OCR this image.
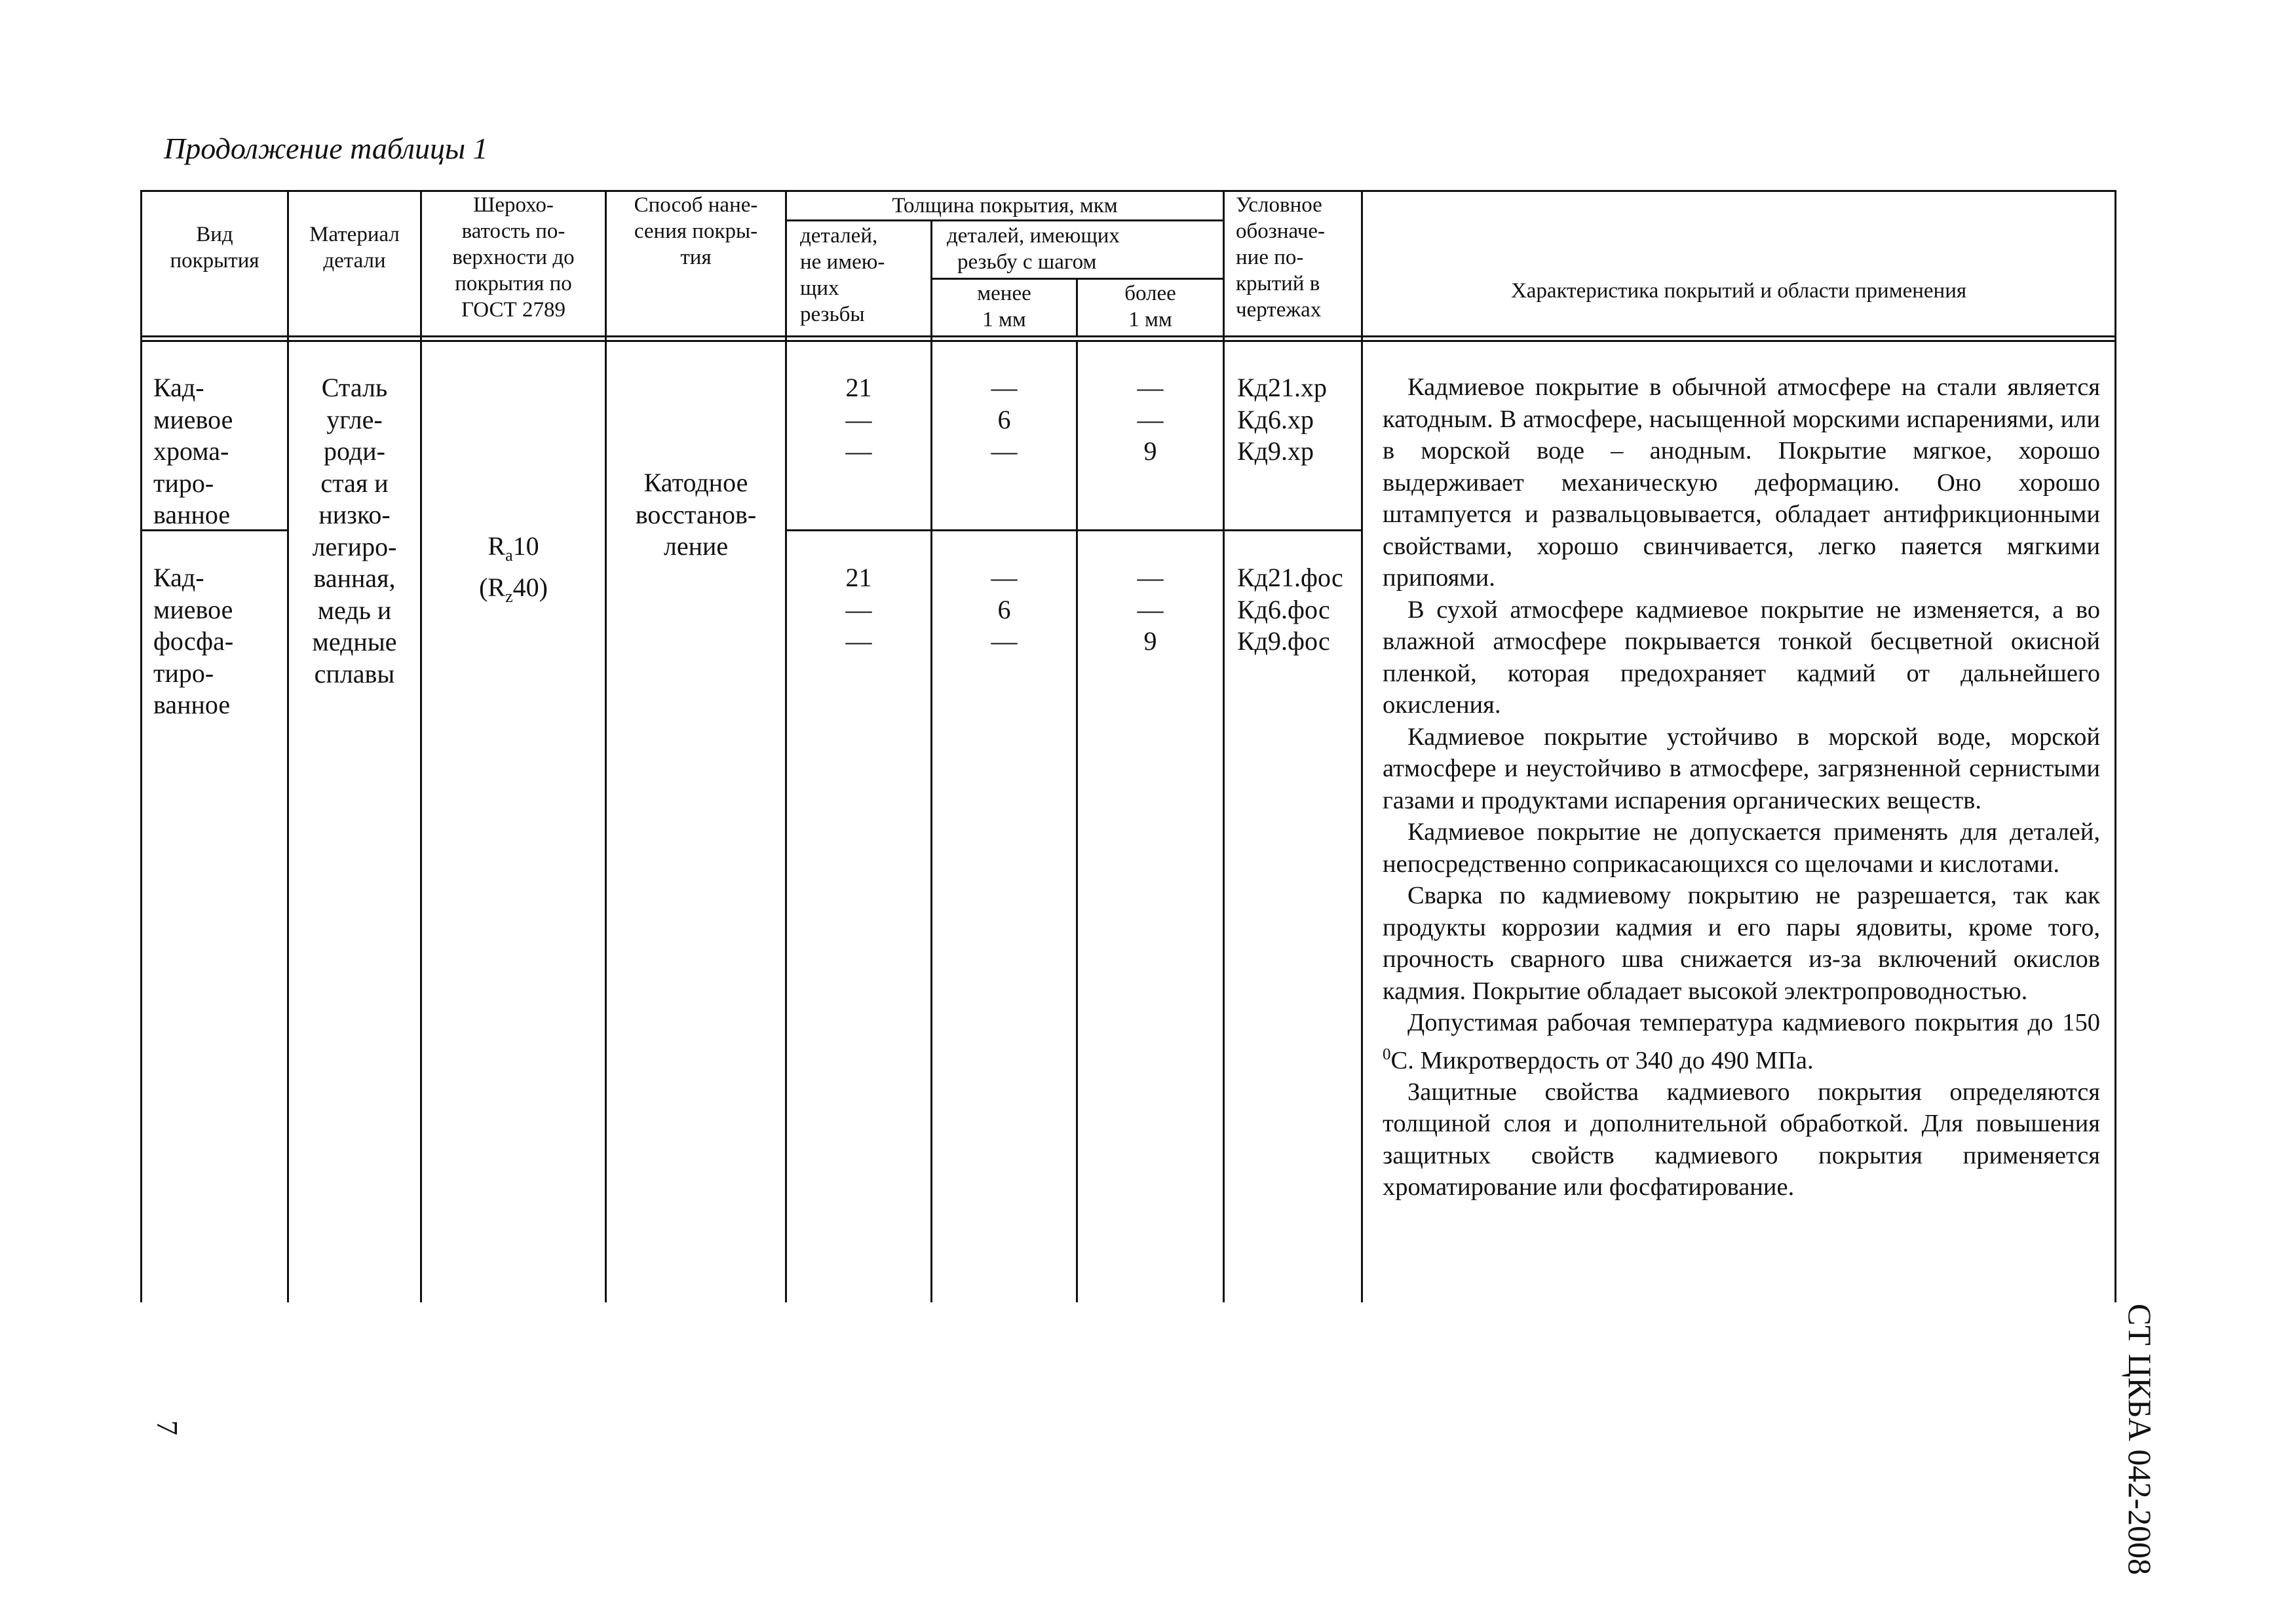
Продолжение таблицы 1
Вид
покрытия
Материал
детали
Шерохо-
ватость по-
верхности до
покрытия по
ГОСТ 2789
Способ нане-
сения покры-
тия
Толщина покрытия, мкм
деталей,
не имею-
щих
резьбы
деталей, имеющих
резьбу с шагом
менее
1 мм
более
1 мм
Условное
обозначе-
ние по-
крытий в
чертежах
Характеристика покрытий и области применения
Кад-
миевое
хрома-
тиро-
ванное
21
—
—
—
6
—
—
—
9
Кд21.хр
Кд6.хр
Кд9.хр
Кад-
миевое
фосфа-
тиро-
ванное
21
—
—
—
6
—
—
—
9
Кд21.фос
Кд6.фос
Кд9.фос
Сталь
угле-
роди-
стая и
низко-
легиро-
ванная,
медь и
медные
сплавы
$R_a10$
$(R_z40)$
Катодное
восстанов-
ление

Кадмиевое покрытие в обычной атмосфере на стали является катодным. В атмосфере, насыщенной морскими испарениями, или в морской воде – анодным. Покрытие мягкое, хорошо выдерживает механическую деформацию. Оно хорошо штампуется и развальцовывается, обладает антифрикционными свойствами, хорошо свинчивается, легко паяется мягкими припоями.

В сухой атмосфере кадмиевое покрытие не изменяется, а во влажной атмосфере покрывается тонкой бесцветной окисной пленкой, которая предохраняет кадмий от дальнейшего окисления.

Кадмиевое покрытие устойчиво в морской воде, морской атмосфере и неустойчиво в атмосфере, загрязненной сернистыми газами и продуктами испарения органических веществ.

Кадмиевое покрытие не допускается применять для деталей, непосредственно соприкасающихся со щелочами и кислотами.

Сварка по кадмиевому покрытию не разрешается, так как продукты коррозии кадмия и его пары ядовиты, кроме того, прочность сварного шва снижается из-за включений окислов кадмия. Покрытие обладает высокой электропроводностью.

Допустимая рабочая температура кадмиевого покрытия до 150 $^0$С. Микротвердость от 340 до 490 МПа.

Защитные свойства кадмиевого покрытия определяются толщиной слоя и дополнительной обработкой. Для повышения защитных свойств кадмиевого покрытия применяется хроматирование или фосфатирование.

СТ ЦКБА 042-2008
7
